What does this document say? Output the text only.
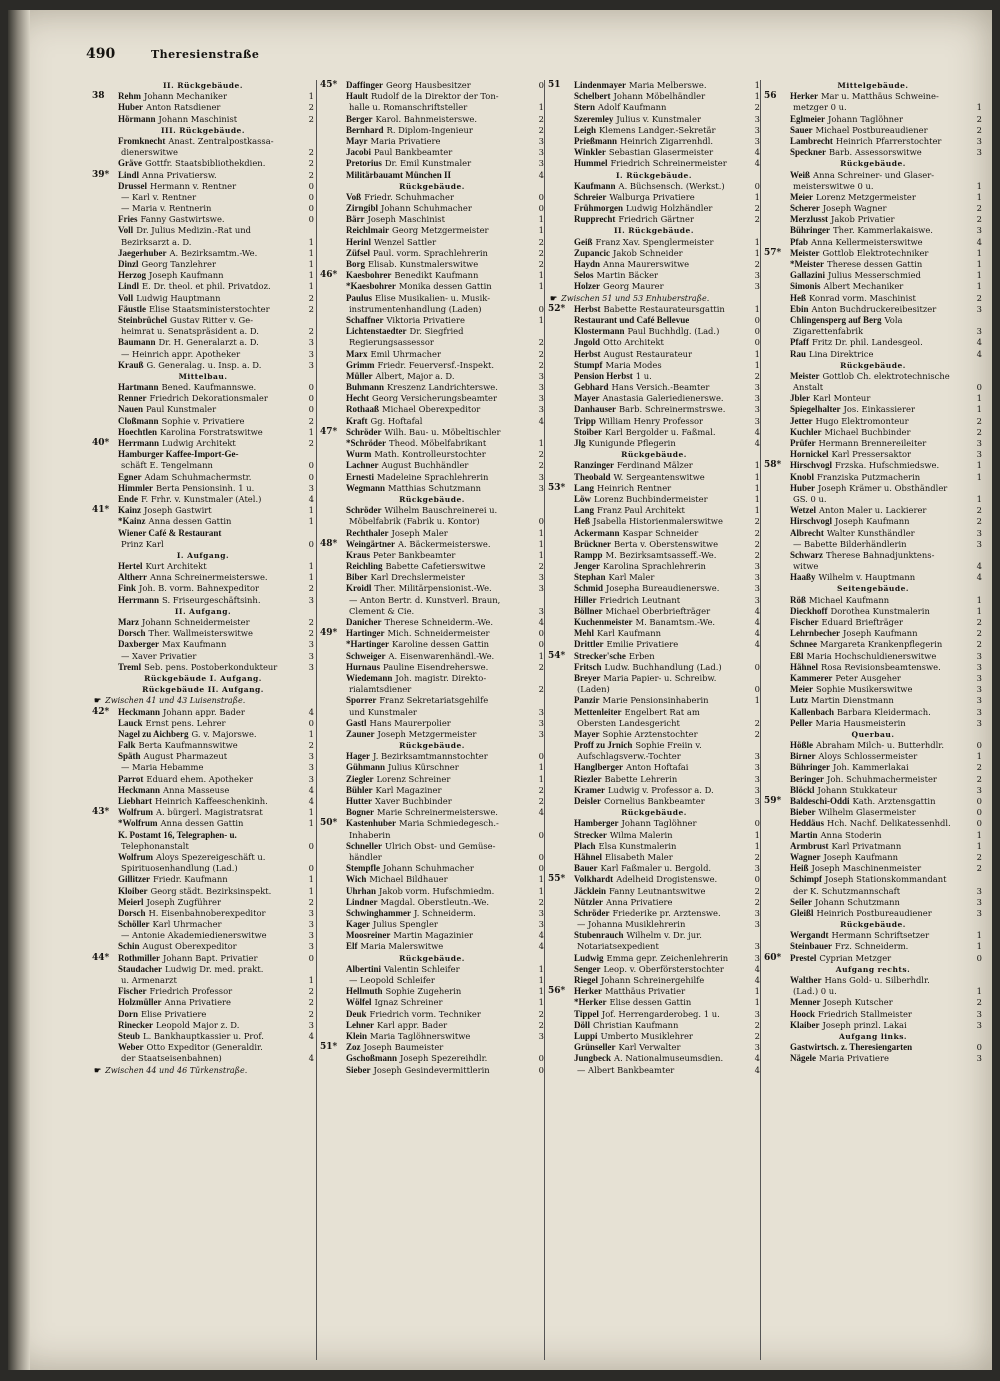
490	Theresienstraße
II. Rückgebäude.
38	Rehm Johann Mechaniker	1
Huber Anton Ratsdiener	2
Hörmann Johann Maschinist	2
III. Rückgebäude.
Fromknecht Anast. Zentralpostkassa-
dienerswitwe	2
Gräve Gottfr. Staatsbibliothekdien.	2
39* Lindl Anna Privatiersw.	2
Drussel Hermann v. Rentner	0
— Karl v. Rentner	0
— Maria v. Rentnerin	0
Fries Fanny Gastwirtswe.	0
Voll Dr. Julius Medizin.-Rat und
Bezirksarzt a. D.	1
Jaegerhuber A. Bezirksamtm.-We.	1
Dinzl Georg Tanzlehrer	1
Herzog Joseph Kaufmann	1
Lindl E. Dr. theol. et phil. Privatdoz.	1
Voll Ludwig Hauptmann	2
Fäustle Elise Staatsministerstochter	2
Steinbrüchel Gustav Ritter v. Ge-
heimrat u. Senatspräsident a. D.	2
Baumann Dr. H. Generalarzt a. D.	3
— Heinrich appr. Apotheker	3
Krauß G. Generalag. u. Insp. a. D.	3
Mittelbau.
Hartmann Bened. Kaufmannswe.	0
Renner Friedrich Dekorationsmaler	0
Nauen Paul Kunstmaler	0
Cloßmann Sophie v. Privatiere	2
Hoechtlen Karolina Forstratswitwe	1
40* Herrmann Ludwig Architekt	2
Hamburger Kaffee-Import-Ge-
schäft E. Tengelmann	0
Egner Adam Schuhmachermstr.	0
Himmler Berta Pensionsinh. 1 u.	3
Ende F. Frhr. v. Kunstmaler (Atel.)	4
41* Kainz Joseph Gastwirt	1
*Kainz Anna dessen Gattin	1
Wiener Café & Restaurant
Prinz Karl	0
I. Aufgang.
Hertel Kurt Architekt	1
Altherr Anna Schreinermeisterswe.	1
Fink Joh. B. vorm. Bahnexpeditor	2
Herrmann S. Friseurgeschäftsinh.	3
II. Aufgang.
Marz Johann Schneidermeister	2
Dorsch Ther. Wallmeisterswitwe	2
Daxberger Max Kaufmann	3
— Xaver Privatier	3
Treml Seb. pens. Postoberkondukteur	3
Rückgebäude I. Aufgang.
Rückgebäude II. Aufgang.
☛ Zwischen 41 und 43 Luisenstraße.
42* Heckmann Johann appr. Bader	4
Lauck Ernst pens. Lehrer	0
Nagel zu Aichberg G. v. Majorswe.	1
Falk Berta Kaufmannswitwe	2
Späth August Pharmazeut	3
— Maria Hebamme	3
Parrot Eduard ehem. Apotheker	3
Heckmann Anna Masseuse	4
Liebhart Heinrich Kaffeeschenkinh.	4
43* Wolfrum A. bürgerl. Magistratsrat	1
*Wolfrum Anna dessen Gattin	1
K. Postamt 16, Telegraphen- u.
Telephonanstalt	0
Wolfrum Aloys Spezereigeschäft u.
Spirituosenhandlung (Lad.)	0
Gillitzer Friedr. Kaufmann	1
Kloiber Georg städt. Bezirksinspekt.	1
Meierl Joseph Zugführer	2
Dorsch H. Eisenbahnoberexpeditor	3
Schöller Karl Uhrmacher	3
— Antonie Akademiedienerswitwe	3
Schin August Oberexpeditor	3
44* Rothmiller Johann Bapt. Privatier	0
Staudacher Ludwig Dr. med. prakt.
u. Armenarzt	1
Fischer Friedrich Professor	2
Holzmüller Anna Privatiere	2
Dorn Elise Privatiere	2
Rinecker Leopold Major z. D.	3
Steub L. Bankhauptkassier u. Prof.	4
Weber Otto Expeditor (Generaldir.
der Staatseisenbahnen)	4
☛ Zwischen 44 und 46 Türkenstraße.
45* Daffinger Georg Hausbesitzer	0
Hault Rudolf de la Direktor der Ton-
halle u. Romanschriftsteller	1
Berger Karol. Bahnmeisterswe.	2
Bernhard R. Diplom-Ingenieur	2
Mayr Maria Privatiere	3
Jacobi Paul Bankbeamter	3
Pretorius Dr. Emil Kunstmaler	3
Militärbauamt München II	4
Rückgebäude.
Voß Friedr. Schuhmacher	0
Zirngibl Johann Schuhmacher	0
Bärr Joseph Maschinist	1
Reichlmair Georg Metzgermeister	1
Herinl Wenzel Sattler	2
Züfsel Paul. vorm. Sprachlehrerin	2
Borg Elisab. Kunstmalerswitwe	2
46* Kaesbohrer Benedikt Kaufmann	1
*Kaesbohrer Monika dessen Gattin	1
Paulus Elise Musikalien- u. Musik-
instrumentenhandlung (Laden)	0
Schaffner Viktoria Privatiere	1
Lichtenstaedter Dr. Siegfried
Regierungsassessor	2
Marx Emil Uhrmacher	2
Grimm Friedr. Feuerversf.-Inspekt.	2
Müller Albert, Major a. D.	3
Buhmann Kreszenz Landrichterswe.	3
Hecht Georg Versicherungsbeamter	3
Rothaaß Michael Oberexpeditor	3
Kraft Gg. Hoftafal	4
47* Schröder Wilh. Bau- u. Möbeltischler
*Schröder Theod. Möbelfabrikant	1
Wurm Math. Kontrolleurstochter	2
Lachner August Buchhändler	2
Ernesti Madeleine Sprachlehrerin	3
Wegmann Matthias Schutzmann	3
Rückgebäude.
Schröder Wilhelm Bauschreinerei u.
Möbelfabrik (Fabrik u. Kontor)	0
Rechthaler Joseph Maler	1
48* Weingärtner A. Bäckermeisterswe.	1
Kraus Peter Bankbeamter	1
Reichling Babette Cafetierswitwe	2
Biber Karl Drechslermeister	3
Kroidl Ther. Militärpensionist.-We.	3
— Anton Bertr. d. Kunstverl. Braun,
Clement & Cie.	3
Danicher Therese Schneiderm.-We.	4
49* Hartinger Mich. Schneidermeister	0
*Hartinger Karoline dessen Gattin	0
Schweiger A. Eisenwarenhändl.-We.	1
Hurnaus Pauline Eisendreherswe.	2
Wiedemann Joh. magistr. Direkto-
rialamtsdiener	2
Sporrer Franz Sekretariatsgehilfe
und Kunstmaler	3
Gastl Hans Maurerpolier	3
Zauner Joseph Metzgermeister	3
Rückgebäude.
Hager J. Bezirksamtmannstochter	0
Gühmann Julius Kürschner	1
Ziegler Lorenz Schreiner	1
Bühler Karl Magaziner	2
Hutter Xaver Buchbinder	2
Bogner Marie Schreinermeisterswe.	4
50* Kastenhuber Maria Schmiedegesch.-
Inhaberin	0
Schneller Ulrich Obst- und Gemüse-
händler	0
Stempfle Johann Schuhmacher	0
Wich Michael Bildhauer	1
Uhrhan Jakob vorm. Hufschmiedm.	1
Lindner Magdal. Oberstleutn.-We.	2
Schwinghammer J. Schneiderm.	3
Kager Julius Spengler	3
Moosreiner Martin Magazinier	4
Elf Maria Malerswitwe	4
Rückgebäude.
Albertini Valentin Schleifer	1
— Leopold Schleifer	1
Hellmuth Sophie Zugeherin	1
Wölfel Ignaz Schreiner	1
Deuk Friedrich vorm. Techniker	2
Lehner Karl appr. Bader	2
Klein Maria Taglöhnerswitwe	3
51* Zoz Joseph Baumeister
Gschoßmann Joseph Spezereihdlr.	0
Sieber Joseph Gesindevermittlerin	0
51	Lindenmayer Maria Melberswe.	1
Schelbert Johann Möbelhändler	1
Stern Adolf Kaufmann	2
Szeremley Julius v. Kunstmaler	3
Leigh Klemens Landger.-Sekretär	3
Prießmann Heinrich Zigarrenhdl.	3
Winkler Sebastian Glasermeister	4
Hummel Friedrich Schreinermeister	4
I. Rückgebäude.
Kaufmann A. Büchsensch. (Werkst.)	0
Schreier Walburga Privatiere	1
Frühmorgen Ludwig Holzhändler	2
Rupprecht Friedrich Gärtner	2
II. Rückgebäude.
Geiß Franz Xav. Spenglermeister	1
Zupancic Jakob Schneider	1
Haydn Anna Maurerswitwe	2
Selos Martin Bäcker	3
Holzer Georg Maurer	3
☛ Zwischen 51 und 53 Enhuberstraße.
52* Herbst Babette Restaurateursgattin	1
Restaurant und Café Bellevue	0
Klostermann Paul Buchhdlg. (Lad.)	0
Jngold Otto Architekt	0
Herbst August Restaurateur	1
Stumpf Maria Modes	1
Pension Herbst 1 u.	2
Gebhard Hans Versich.-Beamter	3
Mayer Anastasia Galeriedienerswe.	3
Danhauser Barb. Schreinermstrswe.	3
Tripp William Henry Professor	3
Stoiber Karl Bergolder u. Faßmal.	4
Jlg Kunigunde Pflegerin	4
Rückgebäude.
Ranzinger Ferdinand Mälzer	1
Theobald W. Sergeantenswitwe	1
53* Lang Heinrich Rentner	1
Löw Lorenz Buchbindermeister	1
Lang Franz Paul Architekt	1
Heß Jsabella Historienmalerswitwe	2
Ackermann Kaspar Schneider	2
Brückner Berta v. Oberstenswitwe	2
Rampp M. Bezirksamtsasseff.-We.	2
Jenger Karolina Sprachlehrerin	3
Stephan Karl Maler	3
Schmid Josepha Bureaudienerswe.	3
Hiller Friedrich Leutnant	3
Böllner Michael Oberbriefträger	4
Kuchenmeister M. Banamtsm.-We.	4
Mehl Karl Kaufmann	4
Drittler Emilie Privatiere	4
54* Strecker'sche Erben
Fritsch Ludw. Buchhandlung (Lad.)	0
Breyer Maria Papier- u. Schreibw.
(Laden)	0
Panzir Marie Pensionsinhaberin	1
Mettenleiter Engelbert Rat am
Obersten Landesgericht	2
Mayer Sophie Arztenstochter	2
Proff zu Jrnich Sophie Freiin v.
Aufschlagsverw.-Tochter	3
Hanglberger Anton Hoftafai	3
Riezler Babette Lehrerin	3
Kramer Ludwig v. Professor a. D.	3
Deisler Cornelius Bankbeamter	3
Rückgebäude.
Hamberger Johann Taglöhner	0
Strecker Wilma Malerin	1
Plach Elsa Kunstmalerin	1
Hähnel Elisabeth Maler	2
Bauer Karl Faßmaler u. Bergold.	3
55* Volkhardt Adelheid Drogistenswe.	0
Jäcklein Fanny Leutnantswitwe	2
Nützler Anna Privatiere	2
Schröder Friederike pr. Arztenswe.	3
— Johanna Musiklehrerin	3
Stubenrauch Wilhelm v. Dr. jur.
Notariatsexpedient	3
Ludwig Emma gepr. Zeichenlehrerin	3
Senger Leop. v. Oberförsterstochter	4
Riegel Johann Schreinergehilfe	4
56* Herker Matthäus Privatier	1
*Herker Elise dessen Gattin	1
Tippel Jof. Herrengarderobeg. 1 u.	3
Döll Christian Kaufmann	2
Luppi Umberto Musiklehrer	2
Grünseller Karl Verwalter	3
Jungbeck A. Nationalmuseumsdien.	4
— Albert Bankbeamter	4
Mittelgebäude.
56	Herker Mar u. Matthäus Schweine-
metzger 0 u.	1
Eglmeier Johann Taglöhner	2
Sauer Michael Postbureaudiener	2
Lambrecht Heinrich Pfarrerstochter	3
Speckner Barb. Assessorswitwe	3
Rückgebäude.
Weiß Anna Schreiner- und Glaser-
meisterswitwe 0 u.	1
Meier Lorenz Metzgermeister	1
Scherer Joseph Wagner	2
Merzlusst Jakob Privatier	2
Bühringer Ther. Kammerlakaiswe.	3
Pfab Anna Kellermeisterswitwe	4
57* Meister Gottlob Elektrotechniker	1
*Meister Therese dessen Gattin	1
Gallazini Julius Messerschmied	1
Simonis Albert Mechaniker	1
Heß Konrad vorm. Maschinist	2
Ebin Anton Buchdruckereibesitzer	3
Chlingensperg auf Berg Vola
Zigarettenfabrik	3
Pfaff Fritz Dr. phil. Landesgeol.	4
Rau Lina Direktrice	4
Rückgebäude.
Meister Gottlob Ch. elektrotechnische
Anstalt	0
Jbler Karl Monteur	1
Spiegelhalter Jos. Einkassierer	1
Jetter Hugo Elektromonteur	2
Kuchler Michael Buchbinder	2
Prüfer Hermann Brennereileiter	3
Hornickel Karl Pressersaktor	3
58* Hirschvogl Frzska. Hufschmiedswe.	1
Knobl Franziska Putzmacherin	1
Huber Joseph Krämer u. Obsthändler
GS. 0 u.	1
Wetzel Anton Maler u. Lackierer	2
Hirschvogl Joseph Kaufmann	2
Albrecht Walter Kunsthändler	3
— Babette Bilderhändlerin	3
Schwarz Therese Bahnadjunktens-
witwe	4
Haaßy Wilhelm v. Hauptmann	4
Seitengebäude.
Röß Michael Kaufmann	1
Dieckhoff Dorothea Kunstmalerin	1
Fischer Eduard Briefträger	2
Lehrnbecher Joseph Kaufmann	2
Schnee Margareta Krankenpflegerin	2
Eßl Maria Hochschuldienerswitwe	3
Hähnel Rosa Revisionsbeamtenswe.	3
Kammerer Peter Ausgeher	3
Meier Sophie Musikerswitwe	3
Lutz Martin Dienstmann	3
Kallenbach Barbara Kleidermach.	3
Peller Maria Hausmeisterin	3
Querbau.
Hößle Abraham Milch- u. Butterhdlr.	0
Birner Aloys Schlossermeister	1
Bühringer Joh. Kammerlakai	2
Beringer Joh. Schuhmachermeister	2
Blöckl Johann Stukkateur	3
59* Baldeschi-Oddi Kath. Arztensgattin	0
Bieber Wilhelm Glasermeister	0
Heddäus Hch. Nachf. Delikatessenhdl.	0
Martin Anna Stoderin	1
Armbrust Karl Privatmann	1
Wagner Joseph Kaufmann	2
Heiß Joseph Maschinenmeister	2
Schimpf Joseph Stationskommandant
der K. Schutzmannschaft	3
Seiler Johann Schutzmann	3
Gleißl Heinrich Postbureaudiener	3
Rückgebäude.
Wergandt Hermann Schriftsetzer	1
Steinbauer Frz. Schneiderm.	1
60* Prestel Cyprian Metzger	0
Aufgang rechts.
Walther Hans Gold- u. Silberhdlr.
(Lad.) 0 u.	1
Menner Joseph Kutscher	2
Hoock Friedrich Stallmeister	3
Klaiber Joseph prinzl. Lakai	3
Aufgang links.
Gastwirtsch. z. Theresiengarten	0
Nägele Maria Privatiere	3
